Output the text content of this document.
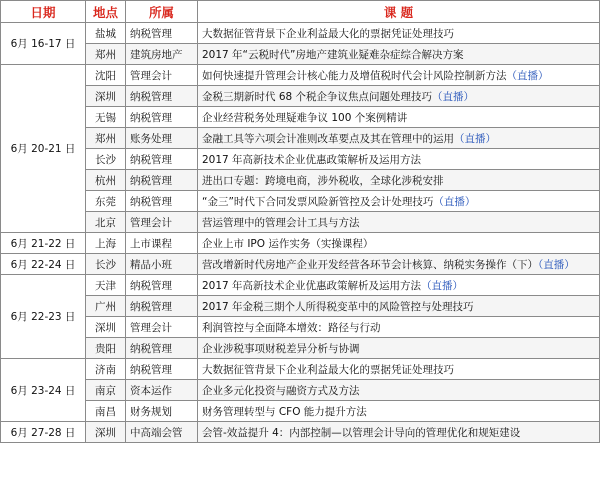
日期	地点	所属	课 题
6月 16-17 日	盐城	纳税管理	大数据征管背景下企业利益最大化的票据凭证处理技巧
	郑州	建筑房地产	2017 年“云税时代”房地产建筑业疑难杂症综合解决方案
6月 20-21 日	沈阳	管理会计	如何快速提升管理会计核心能力及增值税时代会计风险控制新方法（直播）
	深圳	纳税管理	金税三期新时代 68 个税企争议焦点问题处理技巧（直播）
	无锡	纳税管理	企业经营税务处理疑难争议 100 个案例精讲
	郑州	账务处理	金融工具等六项会计准则改革要点及其在管理中的运用（直播）
	长沙	纳税管理	2017 年高新技术企业优惠政策解析及运用方法
	杭州	纳税管理	进出口专题：跨境电商，涉外税收，全球化涉税安排
	东莞	纳税管理	“金三”时代下合同发票风险新管控及会计处理技巧（直播）
	北京	管理会计	营运管理中的管理会计工具与方法
6月 21-22 日	上海	上市课程	企业上市 IPO 运作实务（实操课程）
6月 22-24 日	长沙	精品小班	营改增新时代房地产企业开发经营各环节会计核算、纳税实务操作（下）（直播）
6月 22-23 日	天津	纳税管理	2017 年高新技术企业优惠政策解析及运用方法（直播）
	广州	纳税管理	2017 年金税三期个人所得税变革中的风险管控与处理技巧
	深圳	管理会计	利润管控与全面降本增效：路径与行动
	贵阳	纳税管理	企业涉税事项财税差异分析与协调
6月 23-24 日	济南	纳税管理	大数据征管背景下企业利益最大化的票据凭证处理技巧
	南京	资本运作	企业多元化投资与融资方式及方法
	南昌	财务规划	财务管理转型与 CFO 能力提升方法
6月 27-28 日	深圳	中高端会管	会管-效益提升 4：内部控制—以管理会计导向的管理优化和规矩建设
